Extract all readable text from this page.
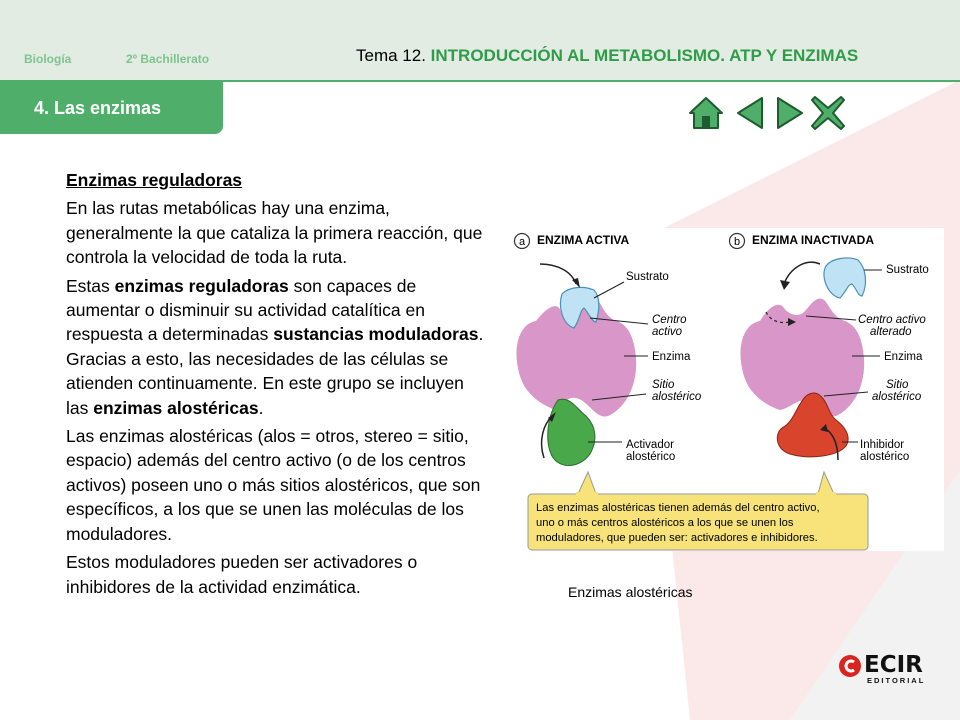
Biología	2º Bachillerato	Tema 12. INTRODUCCIÓN AL METABOLISMO. ATP Y ENZIMAS
4. Las enzimas

Enzimas reguladoras

En las rutas metabólicas hay una enzima, generalmente la que cataliza la primera reacción, que controla la velocidad de toda la ruta.

Estas enzimas reguladoras son capaces de aumentar o disminuir su actividad catalítica en respuesta a determinadas sustancias moduladoras. Gracias a esto, las necesidades de las células se atienden continuamente. En este grupo se incluyen las enzimas alostéricas.

Las enzimas alostéricas (alos = otros, stereo = sitio, espacio) además del centro activo (o de los centros activos) poseen uno o más sitios alostéricos, que son específicos, a los que se unen las moléculas de los moduladores.

Estos moduladores pueden ser activadores o inhibidores de la actividad enzimática.

a ENZIMA ACTIVA	b ENZIMA INACTIVADA
Sustrato
Centro
activo
Enzima
Sitio
alostérico
Activador
alostérico
Sustrato
Centro activo
alterado
Enzima
Sitio
alostérico
Inhibidor
alostérico
Las enzimas alostéricas tienen además del centro activo,
uno o más centros alostéricos a los que se unen los
moduladores, que pueden ser: activadores e inhibidores.
Enzimas alostéricas
ECIR
EDITORIAL
